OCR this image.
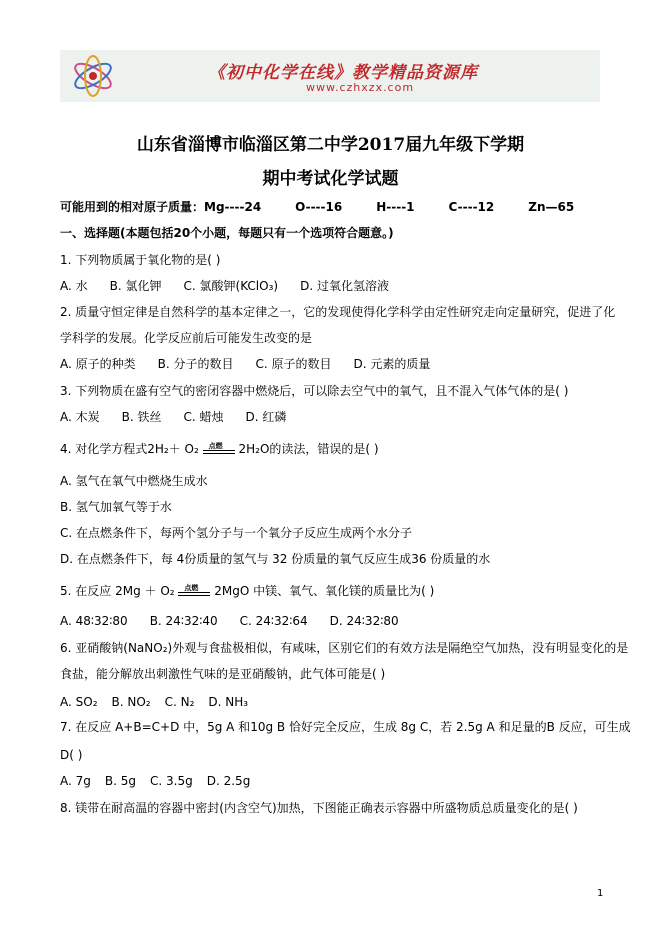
《初中化学在线》教学精品资源库
www.czhxzx.com
山东省淄博市临淄区第二中学2017届九年级下学期
期中考试化学试题
可能用到的相对原子质量：Mg----24	O----16	H----1	C----12	Zn—65
一、选择题(本题包括20个小题，每题只有一个选项符合题意。)
1. 下列物质属于氧化物的是( )
A. 水 B. 氯化钾 C. 氯酸钾(KClO₃) D. 过氧化氢溶液
2. 质量守恒定律是自然科学的基本定律之一，它的发现使得化学科学由定性研究走向定量研究，促进了化
学科学的发展。化学反应前后可能发生改变的是
A. 原子的种类 B. 分子的数目 C. 原子的数目 D. 元素的质量
3. 下列物质在盛有空气的密闭容器中燃烧后，可以除去空气中的氧气，且不混入气体气体的是( )
A. 木炭 B. 铁丝 C. 蜡烛 D. 红磷
4. 对化学方程式2H₂＋ O₂ 点燃 2H₂O的读法，错误的是( )
A. 氢气在氧气中燃烧生成水
B. 氢气加氧气等于水
C. 在点燃条件下，每两个氢分子与一个氧分子反应生成两个水分子
D. 在点燃条件下，每 4份质量的氢气与 32 份质量的氧气反应生成36 份质量的水
5. 在反应 2Mg ＋ O₂ 点燃 2MgO 中镁、氧气、氧化镁的质量比为( )
A. 48∶32∶80 B. 24∶32∶40 C. 24∶32∶64 D. 24∶32∶80
6. 亚硝酸钠(NaNO₂)外观与食盐极相似，有咸味，区别它们的有效方法是隔绝空气加热，没有明显变化的是
食盐，能分解放出刺激性气味的是亚硝酸钠，此气体可能是( )
A. SO₂ B. NO₂ C. N₂ D. NH₃
7. 在反应 A+B=C+D 中，5g A 和10g B 恰好完全反应，生成 8g C，若 2.5g A 和足量的B 反应，可生成
D( )
A. 7g B. 5g C. 3.5g D. 2.5g
8. 镁带在耐高温的容器中密封(内含空气)加热，下图能正确表示容器中所盛物质总质量变化的是( )
1
